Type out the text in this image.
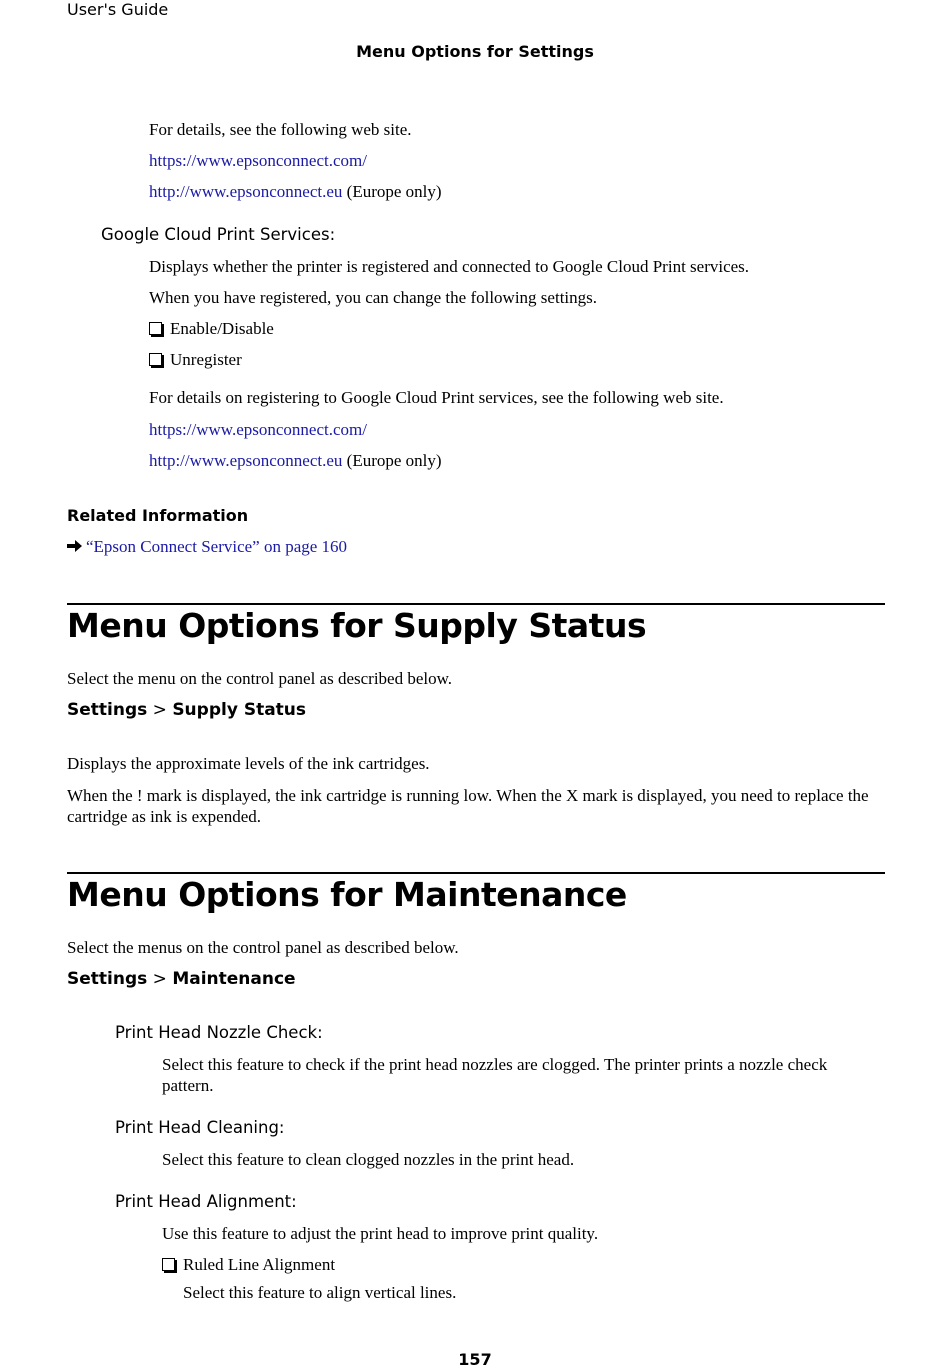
User's Guide
Menu Options for Settings
For details, see the following web site.
https://www.epsonconnect.com/
http://www.epsonconnect.eu (Europe only)
Google Cloud Print Services:
Displays whether the printer is registered and connected to Google Cloud Print services.
When you have registered, you can change the following settings.
Enable/Disable
Unregister
For details on registering to Google Cloud Print services, see the following web site.
https://www.epsonconnect.com/
http://www.epsonconnect.eu (Europe only)
Related Information
“Epson Connect Service” on page 160
Menu Options for Supply Status
Select the menu on the control panel as described below.
Settings > Supply Status
Displays the approximate levels of the ink cartridges.
When the ! mark is displayed, the ink cartridge is running low. When the X mark is displayed, you need to replace the cartridge as ink is expended.
Menu Options for Maintenance
Select the menus on the control panel as described below.
Settings > Maintenance
Print Head Nozzle Check:
Select this feature to check if the print head nozzles are clogged. The printer prints a nozzle check pattern.
Print Head Cleaning:
Select this feature to clean clogged nozzles in the print head.
Print Head Alignment:
Use this feature to adjust the print head to improve print quality.
Ruled Line Alignment
Select this feature to align vertical lines.
157
